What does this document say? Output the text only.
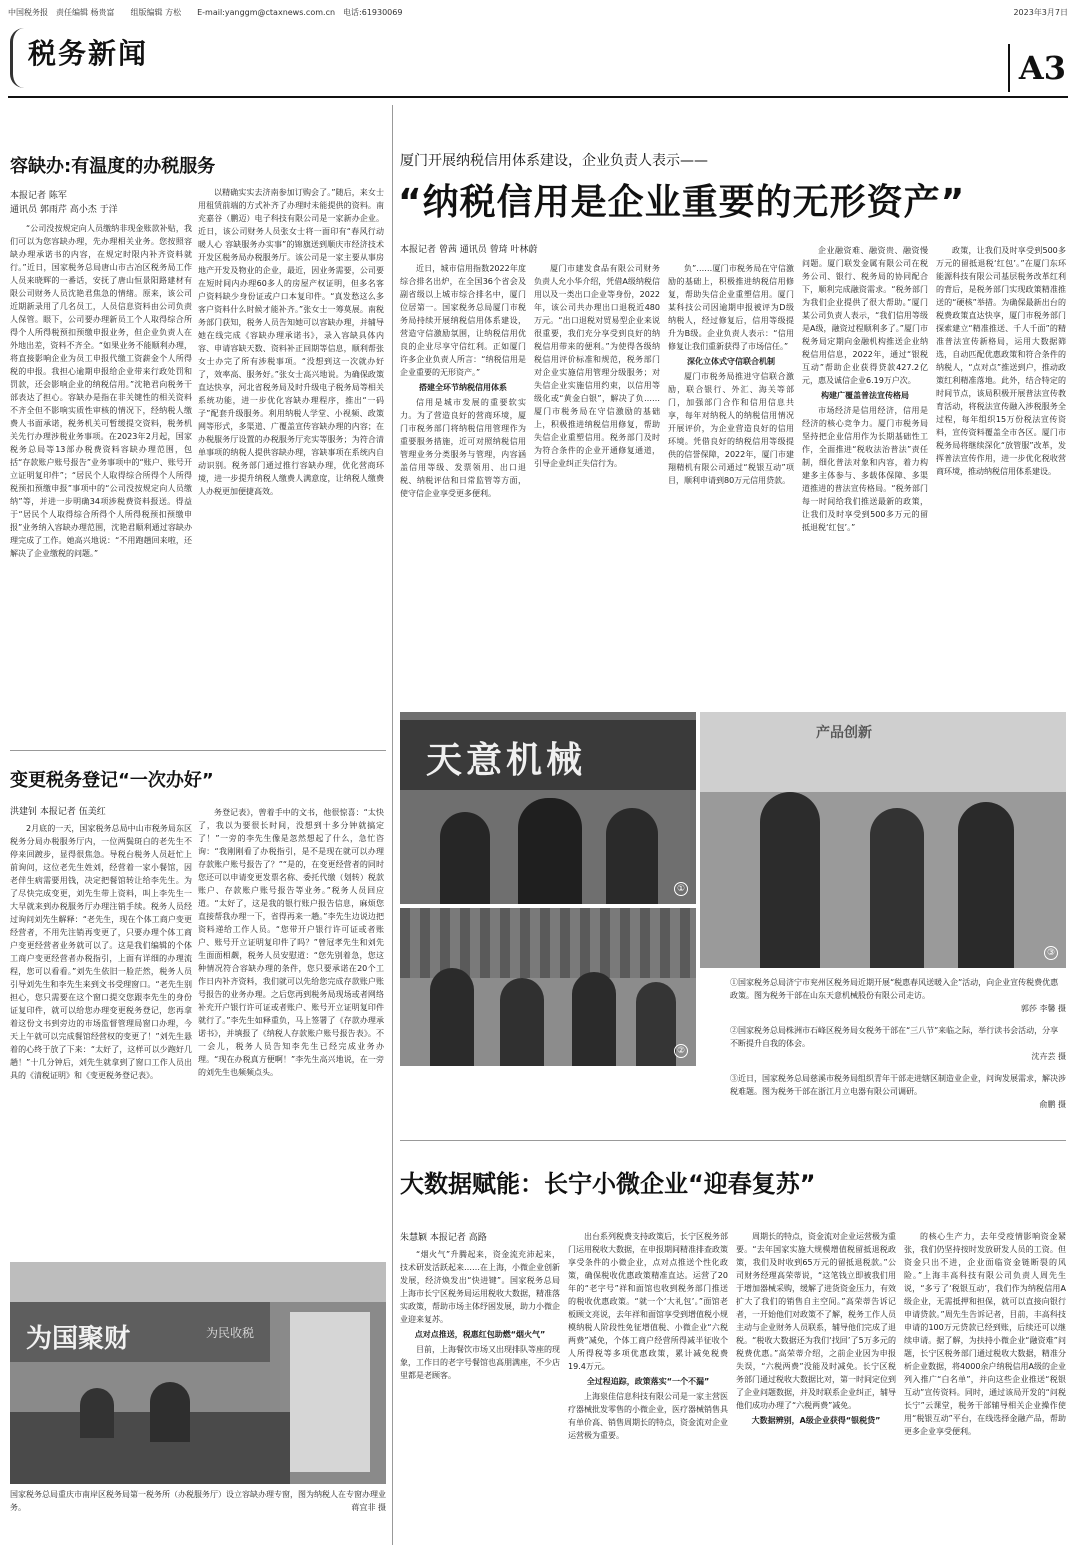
中国税务报　责任编辑 杨贵富　　组版编辑 方松　　E-mail:yanggm@ctaxnews.com.cn　电话:61930069	2023年3月7日
税务新闻	A3
容缺办:有温度的办税服务
本报记者 陈军
通讯员 郭雨芹 高小杰 于洋

“公司没按规定向人员缴纳非现金账款补贴，我们可以为您容缺办理，先办理相关业务。您按照容缺办理承诺书的内容，在规定时限内补齐资料就行。”近日，国家税务总局唐山市古冶区税务局工作人员来晓辉的一番话，安抚了唐山恒景阳路建材有限公司财务人员沈艳君焦急的情绪。原来，该公司近期新录用了几名员工，人员信息资料由公司负责人保管。眼下，公司要办理新员工个人取得综合所得个人所得税预扣预缴申报业务，但企业负责人在外地出差，资料不齐全。“如果业务不能顺利办理，将直接影响企业为员工申报代缴工资薪金个人所得税的申报。我担心逾期申报给企业带来行政处罚和罚款，还会影响企业的纳税信用。”沈艳君向税务干部表达了担心。容缺办是指在非关键性的相关资料不齐全但不影响实质性审核的情况下，经纳税人缴费人书面承诺，税务机关可暂缓提交资料，税务机关先行办理涉税业务事项。在2023年2月起，国家税务总局等13部办税费资料容缺办理范围，包括“存款账户账号报告”业务事项中的“账户、账号开立证明复印件”；“居民个人取得综合所得个人所得税预扣预缴申报”事项中的“公司没按规定向人员缴纳”等，并进一步明确34项涉税费资料报送。得益于“居民个人取得综合所得个人所得税预扣预缴申报”业务纳入容缺办理范围，沈艳君顺利通过容缺办理完成了工作。她高兴地说：“不用跑趟回来啦，还解决了企业缴税的问题。”

以精确实实去济南参加订购会了。”随后，来女士用租赁前端的方式补齐了办理时未能提供的资料。南充嘉谷（鹏迈）电子科技有限公司是一家新办企业。近日，该公司财务人员张女士将一面印有“春风行动暖人心 容缺服务办实事”的锦旗送到顺庆市经济技术开发区税务局办税服务厅。该公司是一家主要从事房地产开发及物业的企业，最近，因业务需要，公司要在短时间内办理60多人的房屋产权证明，但多名客户资料缺少身份证或户口本复印件。“真发愁这么多客户资料什么时候才能补齐。”张女士一筹莫展。南税务部门获知，税务人员告知她可以容缺办理，并辅导她在线完成《容缺办理承诺书》，录入容缺具体内容、申请容缺天数、资料补正回期等信息，顺利帮张女士办完了所有涉税事项。“没想到这一次就办好了，效率高、服务好。”张女士高兴地说。为确保政策直达快享，河北省税务局及时升级电子税务局等相关系统功能，进一步优化容缺办理程序，推出“一码子”配套升级服务。利用纳税人学堂、小视频、政策网等形式，多渠道、广覆盖宣传容缺办理的内容；在办税服务厅设置的办税服务厅充实等服务；为符合清单事项的纳税人提供容缺办理，容缺事项在系统内自动识别。税务部门通过推行容缺办理，优化营商环境，进一步提升纳税人缴费人满意度，让纳税人缴费人办税更加便捷高效。

变更税务登记“一次办好”
洪建钊 本报记者 伍美红

2月底的一天，国家税务总局中山市税务局东区税务分局办税服务厅内，一位两鬓斑白的老先生不停来回踱步，显得很焦急。导税台税务人员赶忙上前询问，这位老先生姓刘，经营着一家小餐馆，因老伴生病需要用钱，决定把餐馆转让给李先生。为了尽快完成变更，刘先生带上资料，叫上李先生一大早就来到办税服务厅办理注销手续。税务人员经过询问刘先生解释：“老先生，现在个体工商户变更经营者，不用先注销再变更了，只要办理个体工商户变更经营者业务就可以了。这是我们编辑的个体工商户变更经营者办税指引，上面有详细的办理流程，您可以看看。”刘先生依旧一脸茫然，税务人员引导刘先生和李先生来到文书受理窗口。“老先生别担心，您只需要在这个窗口提交您跟李先生的身份证复印件，就可以给您办理变更税务登记，您再拿着这份文书到旁边的市场监督管理局窗口办理，今天上午就可以完成餐馆经营权的变更了！”刘先生悬着的心终于放了下来：“太好了，这样可以少跑好几趟！”十几分钟后，刘先生就拿到了窗口工作人员出具的《清税证明》和《变更税务登记表》。

务登记表》，曾着手中的文书，他很惊喜：“太快了，我以为要很长时间，没想到十多分钟就搞定了！”一旁的李先生像是忽然想起了什么，急忙咨询：“我刚刚看了办税指引，是不是现在就可以办理存款账户账号报告了？”“是的，在变更经营者的同时您还可以申请变更发票名称、委托代缴（划转）税款账户、存款账户账号报告等业务。”税务人员回应道。“太好了，这是我的银行账户报告信息，麻烦您直接帮我办理一下，省得再来一趟。”李先生边说边把资料递给工作人员。“您带开户银行许可证或者账户、账号开立证明复印件了吗？”曾冠孝先生和刘先生面面相觑，税务人员安慰道：“您先别着急，您这种情况符合容缺办理的条件，您只要承诺在20个工作日内补齐资料，我们就可以先给您完成存款账户账号报告的业务办理。之后您再到税务局现场或者网络补充开户银行许可证或者账户、账号开立证明复印件就行了。”李先生如释重负，马上签署了《存款办理承诺书》，并填报了《纳税人存款账户账号报告表》。不一会儿，税务人员告知李先生已经完成业务办理。“现在办税真方便啊！”李先生高兴地说，在一旁的刘先生也频频点头。

为国聚财	为民收税
国家税务总局重庆市南岸区税务局第一税务所（办税服务厅）设立容缺办理专窗，图为纳税人在专窗办理业务。	蒋宜非 摄
厦门开展纳税信用体系建设，企业负责人表示——
“纳税信用是企业重要的无形资产”
本报记者 曾茜 通讯员 曾琦 叶林蔚

近日，城市信用指数2022年度综合排名出炉，在全国36个省会及副省级以上城市综合排名中，厦门位居第一。国家税务总局厦门市税务局持续开展纳税信用体系建设，营造守信激励氛围，让纳税信用优良的企业尽享守信红利。正如厦门许多企业负责人所言：“纳税信用是企业重要的无形资产。”

搭建全环节纳税信用体系

信用是城市发展的重要软实力。为了营造良好的营商环境，厦门市税务部门将纳税信用管理作为重要服务措施，近可对照纳税信用管理业务分类服务与管理，内容涵盖信用等级、发票领用、出口退税、纳税评估和日常监管等方面，使守信企业享受更多便利。

厦门市建发食品有限公司财务负责人允小华介绍，凭借A级纳税信用以及一类出口企业等身份，2022年，该公司共办理出口退税近480万元。“出口退税对贸易型企业来说很重要，我们充分享受到良好的纳税信用带来的便利。”为使得各级纳税信用评价标准和规范，税务部门对企业实施信用管理分级服务；对失信企业实施信用约束，以信用等级化或“黄金白银”，解决了负……厦门市税务局在守信激励的基础上，积极推进纳税信用修复，帮助失信企业重塑信用。税务部门及时为符合条件的企业开通修复通道，引导企业纠正失信行为。

负”……厦门市税务局在守信激励的基础上，积极推进纳税信用修复，帮助失信企业重塑信用。厦门某科技公司因逾期申报被评为D级纳税人，经过修复后，信用等级提升为B级。企业负责人表示：“信用修复让我们重新获得了市场信任。”

深化立体式守信联合机制

厦门市税务局推进守信联合激励，联合银行、外汇、海关等部门，加强部门合作和信用信息共享，每年对纳税人的纳税信用情况开展评价，为企业营造良好的信用环境。凭借良好的纳税信用等级提供的信誉保障，2022年，厦门市建翔精机有限公司通过“税银互动”项目，顺利申请到80万元信用贷款。

企业融资难、融资贵、融资慢问题。厦门联发金属有限公司在税务公司、银行、税务局的协同配合下，顺利完成融资需求。“税务部门为我们企业提供了很大帮助。”厦门某公司负责人表示，“我们信用等级是A级，融资过程顺利多了。”厦门市税务局定期向金融机构推送企业纳税信用信息，2022年，通过“银税互动”帮助企业获得贷款427.2亿元，惠及诚信企业6.19万户次。

构建广覆盖普法宣传格局

市场经济是信用经济，信用是经济的核心竞争力。厦门市税务局坚持把企业信用作为长期基础性工作，全面推进“税收法治普法”责任制，细化普法对象和内容，着力构建多主体参与、多载体保障、多渠道推进的普法宣传格局。“税务部门每一时间给我们推送最新的政策，让我们及时享受到500多万元的留抵退税‘红包’。”

政策，让我们及时享受到500多万元的留抵退税‘红包’。”在厦门东环能源科技有限公司基层税务改革红利的背后，是税务部门实现政策精准推送的“硬核”举措。为确保最新出台的税费政策直达快享，厦门市税务部门探索建立“精准推送、千人千面”的精准普法宣传新格局，运用大数据筛选，自动匹配优惠政策和符合条件的纳税人，“点对点”推送到户，推动政策红利精准落地。此外，结合特定的时间节点，该局积极开展普法宣传教育活动，将税法宣传融入涉税服务全过程，每年组织15万份税法宣传资料，宣传资料覆盖全市各区。厦门市税务局将继续深化“放管服”改革，发挥普法宣传作用，进一步优化税收营商环境，推动纳税信用体系建设。

天意机械
①
②
产品创新
③
①国家税务总局济宁市兖州区税务局近期开展“税惠春风送暖入企”活动，向企业宣传税费优惠政策。图为税务干部在山东天意机械股份有限公司走访。
郭莎 李馨 摄
②国家税务总局株洲市石峰区税务局女税务干部在“三八节”来临之际，举行读书会活动，分享不断提升自我的体会。
沈卉芸 摄
③近日，国家税务总局慈溪市税务局组织青年干部走进辖区制造业企业，问询发展需求，解决涉税难题。图为税务干部在浙江月立电器有限公司调研。
俞鹏 摄
大数据赋能：长宁小微企业“迎春复苏”
朱慧颖 本报记者 高路

“烟火气”升腾起来，资金流充沛起来，技术研发活跃起来……在上海，小微企业创新发展，经济焕发出“快进键”。国家税务总局上海市长宁区税务局运用税收大数据，精准落实政策，帮助市场主体纾困发展，助力小微企业迎来复苏。

点对点推送，税惠红包助燃“烟火气”

目前，上海餐饮市场又出现排队等座的现象，工作日的老字号餐馆也高朋满座，不少店里都是老顾客。

出台系列税费支持政策后，长宁区税务部门运用税收大数据，在申报期间精准排查政策享受条件的小微企业，点对点推送个性化政策，确保税收优惠政策精准直达。运营了20年的“老字号”祥和面馆也收到税务部门推送的税收优惠政策。“就一个‘大礼包’。”面馆老板顾文亮说，去年祥和面馆享受到增值税小规模纳税人阶段性免征增值税、小微企业“六税两费”减免，个体工商户经营所得减半征收个人所得税等多项优惠政策，累计减免税费19.4万元。

全过程追踪，政策落实“一个不漏”

上海泉佳信息科技有限公司是一家主营医疗器械批发零售的小微企业，医疗器械销售具有单价高、销售周期长的特点，资金流对企业运营极为重要。

周期长的特点，资金流对企业运营极为重要。“去年国家实施大规模增值税留抵退税政策，我们及时收到65万元的留抵退税款。”公司财务经理高荣蒂说，“这笔钱立即被我们用于增加器械采购，缓解了进货资金压力，有效扩大了我们的销售自主空间。”高荣蒂告诉记者，一开始他们对政策不了解，税务工作人员主动与企业财务人员联系，辅导他们完成了退税。“税收大数据还为我们‘找回’了5万多元的税费优惠。”高荣蒂介绍，之前企业因为申报失误，“六税两费”没能及时减免。长宁区税务部门通过税收大数据比对，第一时间定位到了企业问题数据，并及时联系企业纠正，辅导他们成功办理了“六税两费”减免。

大数据辨别，A级企业获得“银税贷”

的核心生产力，去年受疫情影响资金紧张，我们仍坚持按时发放研发人员的工资。但资金只出不进，企业面临资金链断裂的风险。”上海丰高科技有限公司负责人周先生说，“多亏了‘税银互动’，我们作为纳税信用A级企业，无需抵押和担保，就可以直接向银行申请贷款。”周先生告诉记者，目前，丰高科技申请的100万元贷款已经到账，后续还可以继续申请。据了解，为扶持小微企业“融资难”问题，长宁区税务部门通过税收大数据，精准分析企业数据，将4000余户纳税信用A级的企业列入推广“白名单”，并向这些企业推送“税银互动”宣传资料。同时，通过该局开发的“问税长宁”云课堂，税务干部辅导相关企业操作使用“税银互动”平台，在线选择金融产品，帮助更多企业享受便利。
